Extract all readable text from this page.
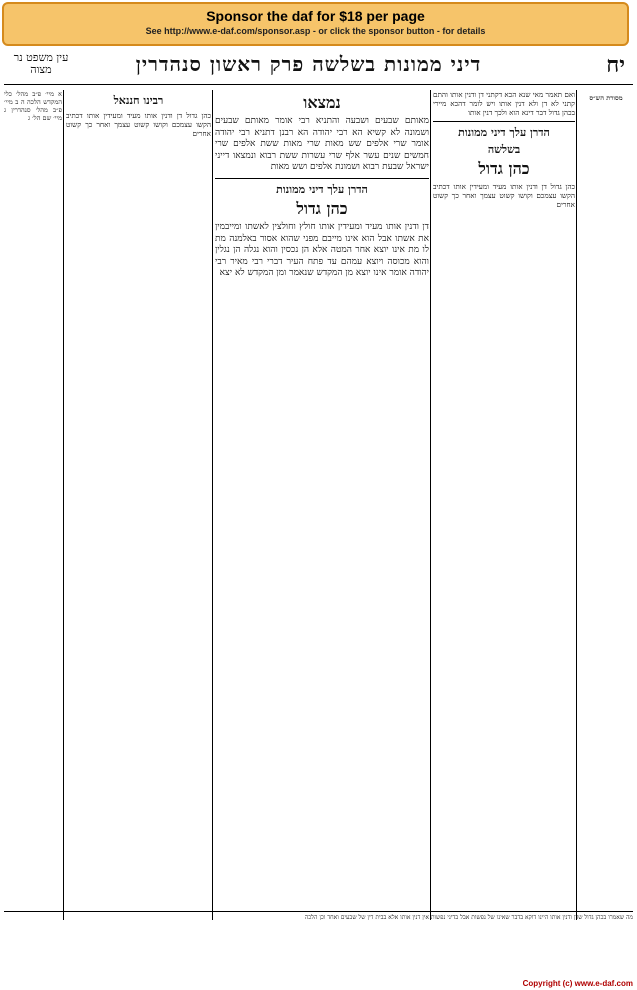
Sponsor the daf for $18 per page
See http://www.e-daf.com/sponsor.asp - or click the sponsor button - for details
יח
דיני ממונות בשלשה פרק ראשון סנהדרין
עין משפט נר מצוה
מסורת הש״ס
ואם תאמר מאי שנא הכא דקתני דן ודנין אותו והתם קתני לא דן ולא דנין אותו ויש לומר דהכא מיירי בכהן גדול דבר דינא הוא ולכך דנין אותו
הדרן עלך דיני ממונות
בשלשה
כהן גדול
כהן גדול דן ודנין אותו מעיד ומעידין אותו דכתיב הקשו עצמכם וקושו קשוט עצמך ואחר כך קשוט אחרים
נמצאו
מאותם שבעים ושבעה והתניא רבי אומר מאותם שבעים ושמונה לא קשיא הא רבי יהודה הא רבנן דתניא רבי יהודה אומר שרי אלפים שש מאות שרי מאות ששת אלפים שרי חמשים שנים עשר אלף שרי עשרות ששת רבוא ונמצאו דייני ישראל שבעת רבוא ושמונת אלפים ושש מאות
הדרן עלך דיני ממונות
כהן גדול
דן ודנין אותו מעיד ומעידין אותו חולץ וחולצין לאשתו ומייבמין את אשתו אבל הוא אינו מייבם מפני שהוא אסור באלמנה מת לו מת אינו יוצא אחר המטה אלא הן נכסין והוא נגלה הן נגלין והוא מכוסה ויוצא עמהם עד פתח העיר דברי רבי מאיר רבי יהודה אומר אינו יוצא מן המקדש שנאמר ומן המקדש לא יצא
רבינו חננאל
כהן גדול דן ודנין אותו מעיד ומעידין אותו דכתיב הקשו עצמכם וקושו קשוט עצמך ואחר כך קשוט אחרים
א מיי׳ פ״ב מהל׳ כלי המקדש הלכה ה ב מיי׳ פ״ב מהל׳ סנהדרין ג מיי׳ שם הל׳ ג
מה שאמרו בכהן גדול שדן ודנין אותו היינו דוקא בדבר שאינו של נפשות אבל בדיני נפשות אין דנין אותו אלא בבית דין של שבעים ואחד וכן הלכה
Copyright (c) www.e-daf.com
